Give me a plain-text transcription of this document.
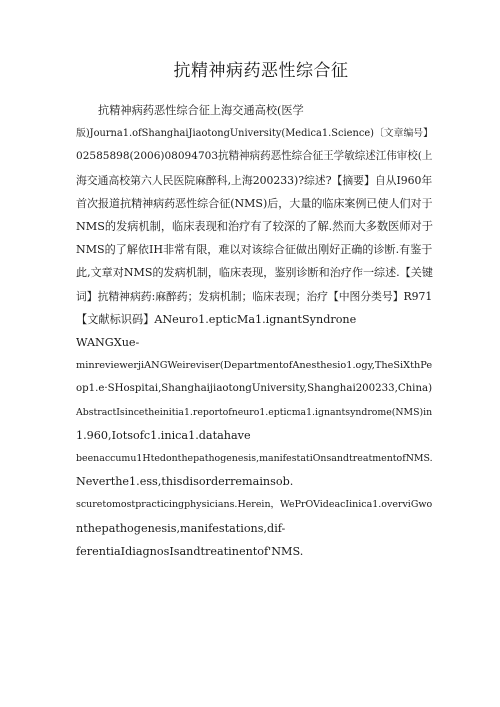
抗精神病药恶性综合征
抗精神病药恶性综合征上海交通高校(医学
版)Journa1.ofShanghaiJiaotongUniversity(Medica1.Science)〔文章编号】
02585898(2006)08094703抗精神病药恶性综合征王学敏综述江伟审校(上
海交通高校第六人民医院麻醉科,上海200233)?综述?【摘要】自从I960年
首次报道抗精神病药恶性综合征(NMS)后，大量的临床案例已使人们对于
NMS的发病机制，临床表现和治疗有了较深的了解.然而大多数医师对于
NMS的了解依IH非常有限，难以对该综合征做出刚好正确的诊断.有鉴于
此,文章对NMS的发病机制，临床表现，鉴别诊断和治疗作一综述.【关键
词】抗精神病药:麻醉药；发病机制；临床表现；治疗【中图分类号】R971
【文献标识码】ANeuro1.epticMa1.ignantSyndrone
WANGXue-
minreviewerjiANGWeireviser(DepartmentofAnesthesio1.ogy,TheSiXthPe
op1.e·SHospitai,ShanghaijiaotongUniversity,Shanghai200233,China)
AbstractIsincetheinitia1.reportofneuro1.epticma1.ignantsyndrome(NMS)in
1.960,Iotsofc1.inica1.datahave
beenaccumu1Htedonthepathogenesis,manifestatiOnsandtreatmentofNMS.
Neverthe1.ess,thisdisorderremainsob.
scuretomostpracticingphysicians.Herein，WePrOVideacIinica1.overviGwo
nthepathogenesis,manifestations,dif-
ferentiaIdiagnosIsandtreatinentof'NMS.
